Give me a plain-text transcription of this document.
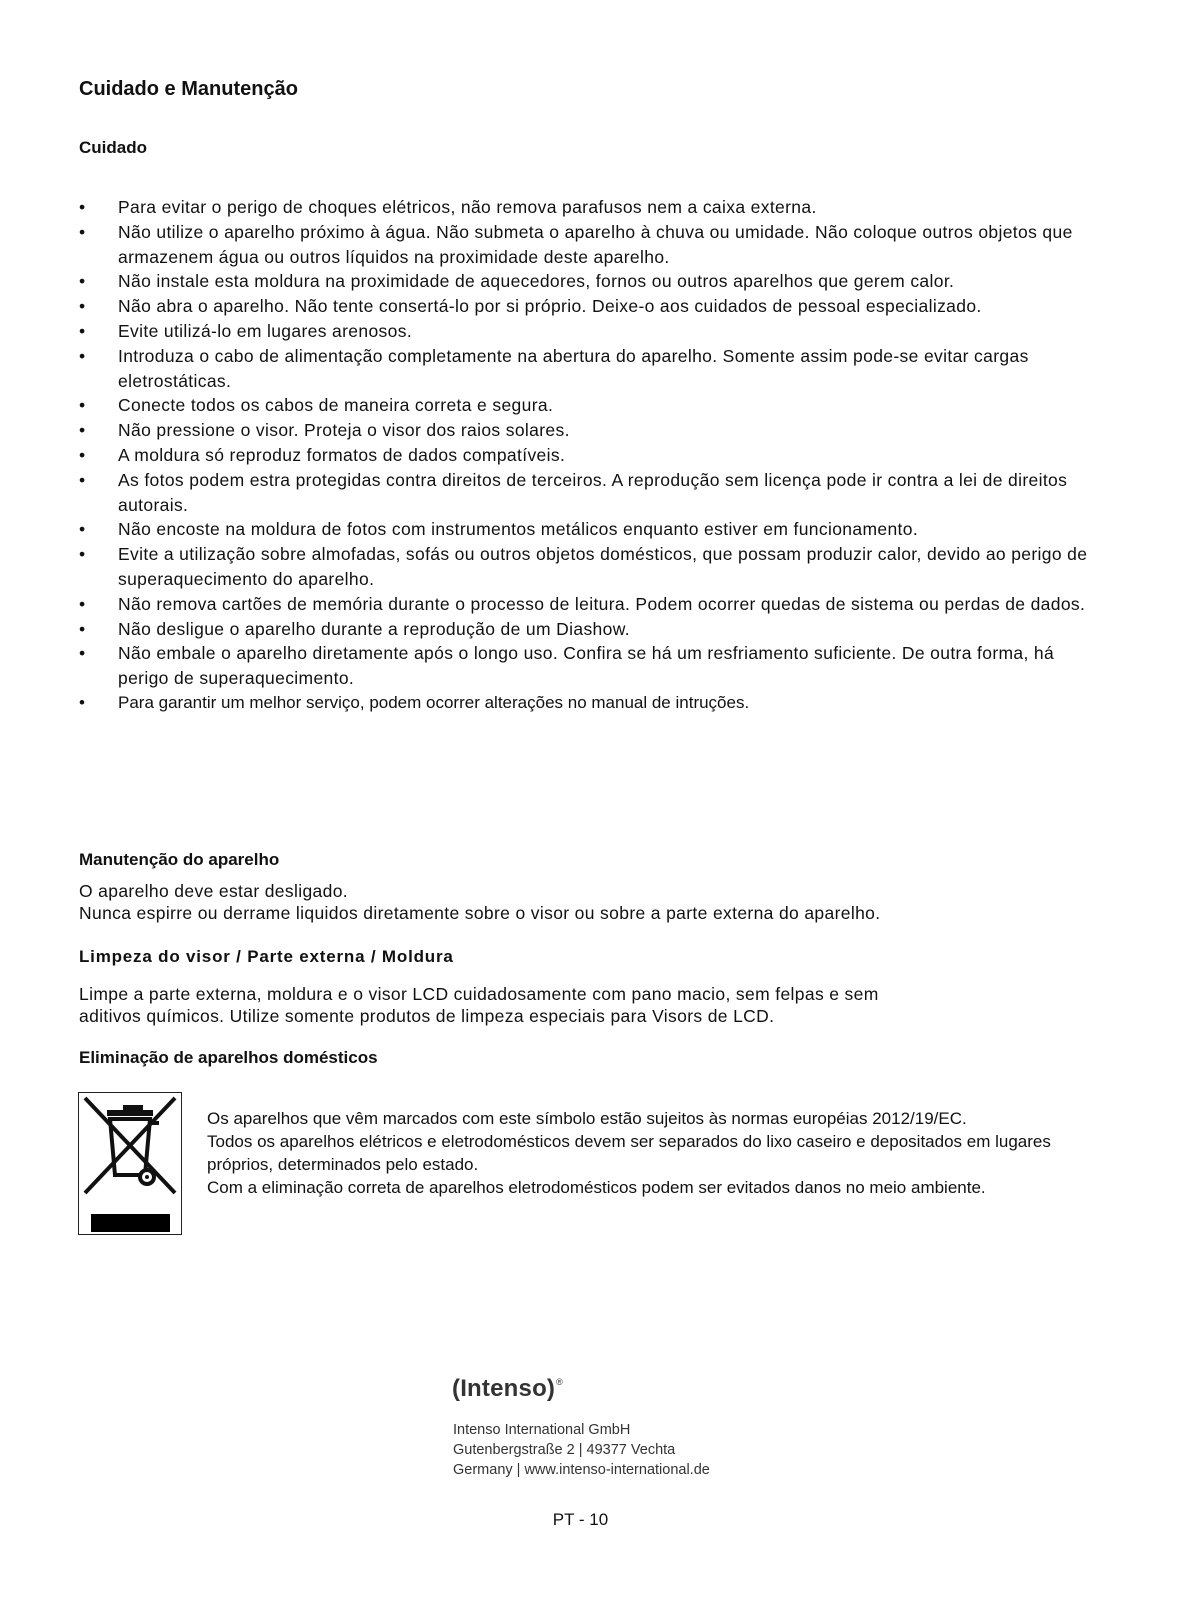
Cuidado e Manutenção
Cuidado
•	Para evitar o perigo de choques elétricos, não remova parafusos nem a caixa externa.
•	Não utilize o aparelho próximo à água. Não submeta o aparelho à chuva ou umidade. Não coloque outros objetos que armazenem água ou outros líquidos na proximidade deste aparelho.
•	Não instale esta moldura na proximidade de aquecedores, fornos ou outros aparelhos que gerem calor.
•	Não abra o aparelho. Não tente consertá-lo por si próprio. Deixe-o aos cuidados de pessoal especializado.
•	Evite utilizá-lo em lugares arenosos.
•	Introduza o cabo de alimentação completamente na abertura do aparelho. Somente assim pode-se evitar cargas eletrostáticas.
•	Conecte todos os cabos de maneira correta e segura.
•	Não pressione o visor. Proteja o visor dos raios solares.
•	A moldura só reproduz formatos de dados compatíveis.
•	As fotos podem estra protegidas contra direitos de terceiros. A reprodução sem licença pode ir contra a lei de direitos autorais.
•	Não encoste na moldura de fotos com instrumentos metálicos enquanto estiver em funcionamento.
•	Evite a utilização sobre almofadas, sofás ou outros objetos domésticos, que possam produzir calor, devido ao perigo de superaquecimento do aparelho.
•	Não remova cartões de memória durante o processo de leitura. Podem ocorrer quedas de sistema ou perdas de dados.
•	Não desligue o aparelho durante a reprodução de um Diashow.
•	Não embale o aparelho diretamente após o longo uso. Confira se há um resfriamento suficiente. De outra forma, há perigo de superaquecimento.
•	Para garantir um melhor serviço, podem ocorrer alterações no manual de intruções.
Manutenção do aparelho
O aparelho deve estar desligado.
Nunca espirre ou derrame liquidos diretamente sobre o visor ou sobre a parte externa do aparelho.
Limpeza do visor / Parte externa / Moldura
Limpe a parte externa, moldura e o visor LCD cuidadosamente com pano macio, sem felpas e sem
aditivos químicos. Utilize somente produtos de limpeza especiais para Visors de LCD.
Eliminação de aparelhos domésticos
Os aparelhos que vêm marcados com este símbolo estão sujeitos às normas européias 2012/19/EC.
Todos os aparelhos elétricos e eletrodomésticos devem ser separados do lixo caseiro e depositados em lugares próprios, determinados pelo estado.
Com a eliminação correta de aparelhos eletrodomésticos podem ser evitados danos no meio ambiente.
(Intenso)®
Intenso International GmbH
Gutenbergstraße 2 | 49377 Vechta
Germany | www.intenso-international.de
PT - 10
